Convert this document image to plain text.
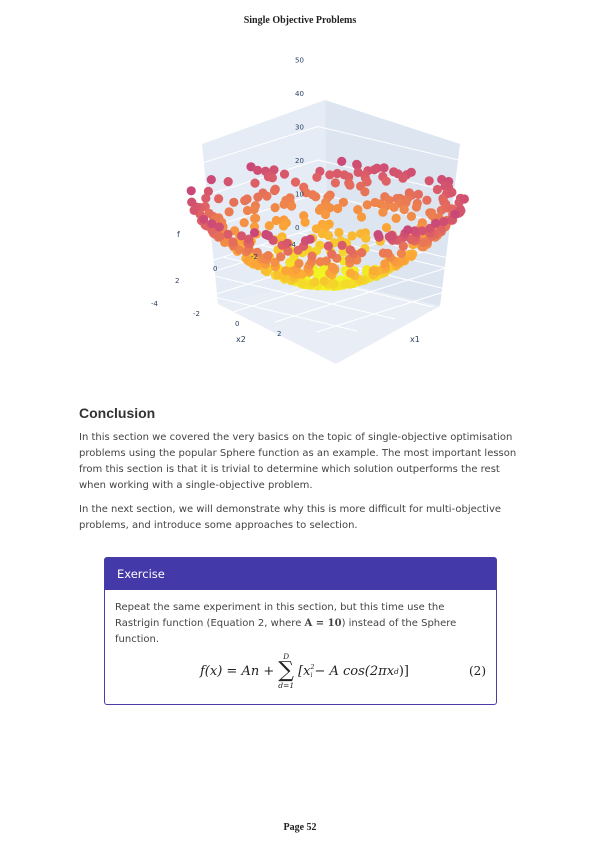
Single Objective Problems
0
10
20
30
40
50
-4
-2
0
2
-4
-2
0
2
f
x2	x1
Conclusion

In this section we covered the very basics on the topic of single-objective optimisation problems using the popular Sphere function as an example. The most important lesson from this section is that it is trivial to determine which solution outperforms the rest when working with a single-objective problem.

In the next section, we will demonstrate why this is more difficult for multi-objective problems, and introduce some approaches to selection.

Exercise
Repeat the same experiment in this section, but this time use the Rastrigin function (Equation 2, where A = 10) instead of the Sphere function.
f(x) = An +
D
∑
d=1
[x 2
i − A cos(2πx d )]	(2)
Page 52
